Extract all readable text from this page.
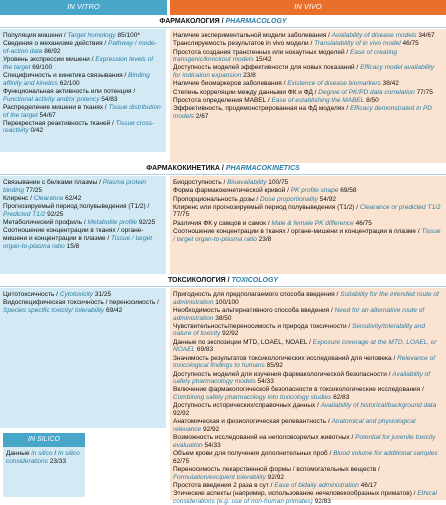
IN VITRO	IN VIVO
ФАРМАКОЛОГИЯ / PHARMACOLOGY
Популяция мишени / Target homology 85/100*
Сведения о механизме действия / Pathway / mode-of-action data 86/92
Уровень экспрессии мишени / Expression levels of the target 69/100
Специфичность и кинетика связывания / Binding affinity and kinetics 62/100
Функциональная активность или потенция / Functional activity and/or potency 54/83
Распределение мишени в тканях / Tissue distribution of the target 54/67
Перекрестная реактивность тканей / Tissue cross-reactivity 0/42
Наличие экспериментальной модели заболевания / Availability of disease models 34/67
Транслируемость результатов in vivo модели / Translatability of in vivo model 46/75
Простота создания трансгенных или нокаутных моделей / Ease of creating transgenic/knockout models 15/42
Доступность моделей эффективности для новых показаний / Efficacy model availability for indication expansion 23/8
Наличие биомаркеров заболевания / Existence of disease biomarkers 38/42
Степень корреляции между данными ФК и ФД / Degree of PK/PD data correlation 77/75
Простота определения MABEL / Ease of establishing the MABEL 8/50
Эффективность, продемонстрированная на ФД моделях / Efficacy demonstrated in PD models 2/67
ФАРМАКОКИНЕТИКА / PHARMACOKINETICS
Связывание с белками плазмы / Plasma protein binding 77/25
Клиренс / Clearance 62/42
Прогнозируемый период полувыведения (T1/2) / Predicted T1/2 92/25
Метаболический профиль / Metabolite profile 92/25
Соотношение концентрации в тканях / органе-мишени и концентрации в плазме / Tissue / target organ-to-plasma ratio 15/8
Биодоступность / Bioavailability 100/75
Форма фармакокинетической кривой / PK profile shape 69/58
Пропорциональность дозы / Dose proportionality 54/92
Клиренс или прогнозируемый период полувыведения (T1/2) / Clearance or predicted T1/2 77/75
Различия ФК у самцов и самок / Male & female PK difference 46/75
Соотношение концентрации в тканях / органе-мишени и концентрации в плазме / Tissue / target organ-to-plasma ratio 23/8
ТОКСИКОЛОГИЯ / TOXICOLOGY
Цитотоксичность / Cytotoxicity 31/25
Видоспецифическая токсичность / переносимость / Species specific toxicity/ tolerability 69/42
Пригодность для предполагаемого способа введения / Suitability for the intended route of administration 100/100
Необходимость альтернативного способа введения / Need for an alternative route of administration 38/50
Чувствительность/переносимость и природа токсичности / Sensitivity/tolerability and nature of toxicity 92/92
Данные по экспозиции MTD, LOAEL, NOAEL / Exposure coverage at the MTD, LOAEL, or NOAEL 69/83
Значимость результатов токсикологических исследований для человека / Relevance of toxicological findings to humans 85/92
Доступность моделей для изучения фармакологической безопасности / Availability of safety pharmacology models 54/33
Включение фармакологической безопасности в токсикологические исследования / Combining safety pharmacology into toxicology studies 62/83
Доступность исторических/справочных данных / Availability of historical/background data 92/92
Анатомическая и физиологическая релевантность / Anatomical and physiological relevance 92/92
Возможность исследований на неполовозрелых животных / Potential for juvenile toxicity evaluation 54/33
Объем крови для получения дополнительных проб / Blood volume for additional samples 62/75
Переносимость лекарственной формы / вспомогательных веществ / Formulation/excipient tolerability 92/92
Простота введения 2 раза в сут / Ease of bidaily administration 46/17
Этические аспекты (например, использование нечеловекообразных приматов) / Ethical considerations (e.g. use of non-human primates) 92/83
IN SILICO
Данные in silico / In silico considerations 23/33
